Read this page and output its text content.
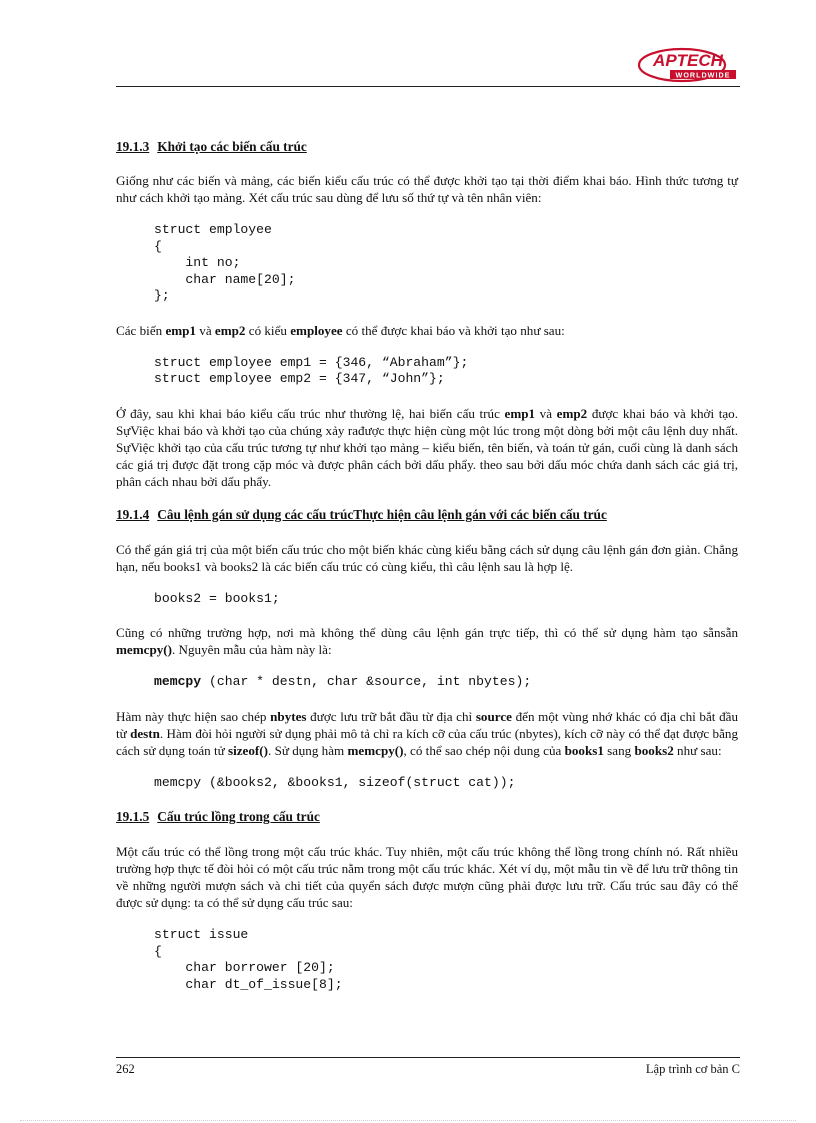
APTECH
WORLDWIDE
19.1.3 Khởi tạo các biến cấu trúc

Giống như các biến và mảng, các biến kiểu cấu trúc có thể được khởi tạo tại thời điểm khai báo. Hình thức tương tự như cách khởi tạo mảng. Xét cấu trúc sau dùng để lưu số thứ tự và tên nhân viên:

struct employee
{
int no;
char name[20];
};

Các biến emp1 và emp2 có kiểu employee có thể được khai báo và khởi tạo như sau:

struct employee emp1 = {346, “Abraham”};
struct employee emp2 = {347, “John”};

Ở đây, sau khi khai báo kiểu cấu trúc như thường lệ, hai biến cấu trúc emp1 và emp2 được khai báo và khởi tạo. SựViệc khai báo và khởi tạo của chúng xảy rađược thực hiện cùng một lúc trong một dòng bởi một câu lệnh duy nhất. SựViệc khởi tạo của cấu trúc tương tự như khởi tạo mảng – kiểu biến, tên biến, và toán tử gán, cuối cùng là danh sách các giá trị được đặt trong cặp móc và được phân cách bởi dấu phẩy. theo sau bởi dấu móc chứa danh sách các giá trị, phân cách nhau bởi dấu phẩy.

19.1.4 Câu lệnh gán sử dụng các cấu trúcThực hiện câu lệnh gán với các biến cấu trúc

Có thể gán giá trị của một biến cấu trúc cho một biến khác cùng kiểu bằng cách sử dụng câu lệnh gán đơn giản. Chẳng hạn, nếu books1 và books2 là các biến cấu trúc có cùng kiểu, thì câu lệnh sau là hợp lệ.

books2 = books1;

Cũng có những trường hợp, nơi mà không thể dùng câu lệnh gán trực tiếp, thì có thể sử dụng hàm tạo sẵnsẵn memcpy(). Nguyên mẫu của hàm này là:

memcpy (char * destn, char &source, int nbytes);

Hàm này thực hiện sao chép nbytes được lưu trữ bắt đầu từ địa chỉ source đến một vùng nhớ khác có địa chỉ bắt đầu từ destn. Hàm đòi hỏi người sử dụng phải mô tả chỉ ra kích cỡ của cấu trúc (nbytes), kích cỡ này có thể đạt được bằng cách sử dụng toán tử sizeof(). Sử dụng hàm memcpy(), có thể sao chép nội dung của books1 sang books2 như sau:

memcpy (&books2, &books1, sizeof(struct cat));
19.1.5 Cấu trúc lồng trong cấu trúc

Một cấu trúc có thể lồng trong một cấu trúc khác. Tuy nhiên, một cấu trúc không thể lồng trong chính nó. Rất nhiều trường hợp thực tế đòi hỏi có một cấu trúc nằm trong một cấu trúc khác. Xét ví dụ, một mẫu tin về để lưu trữ thông tin về những người mượn sách và chi tiết của quyển sách được mượn cũng phải được lưu trữ. Cấu trúc sau đây có thể được sử dụng: ta có thể sử dụng cấu trúc sau:

struct issue
{
char borrower [20];
char dt_of_issue[8];
262	Lập trình cơ bản C
